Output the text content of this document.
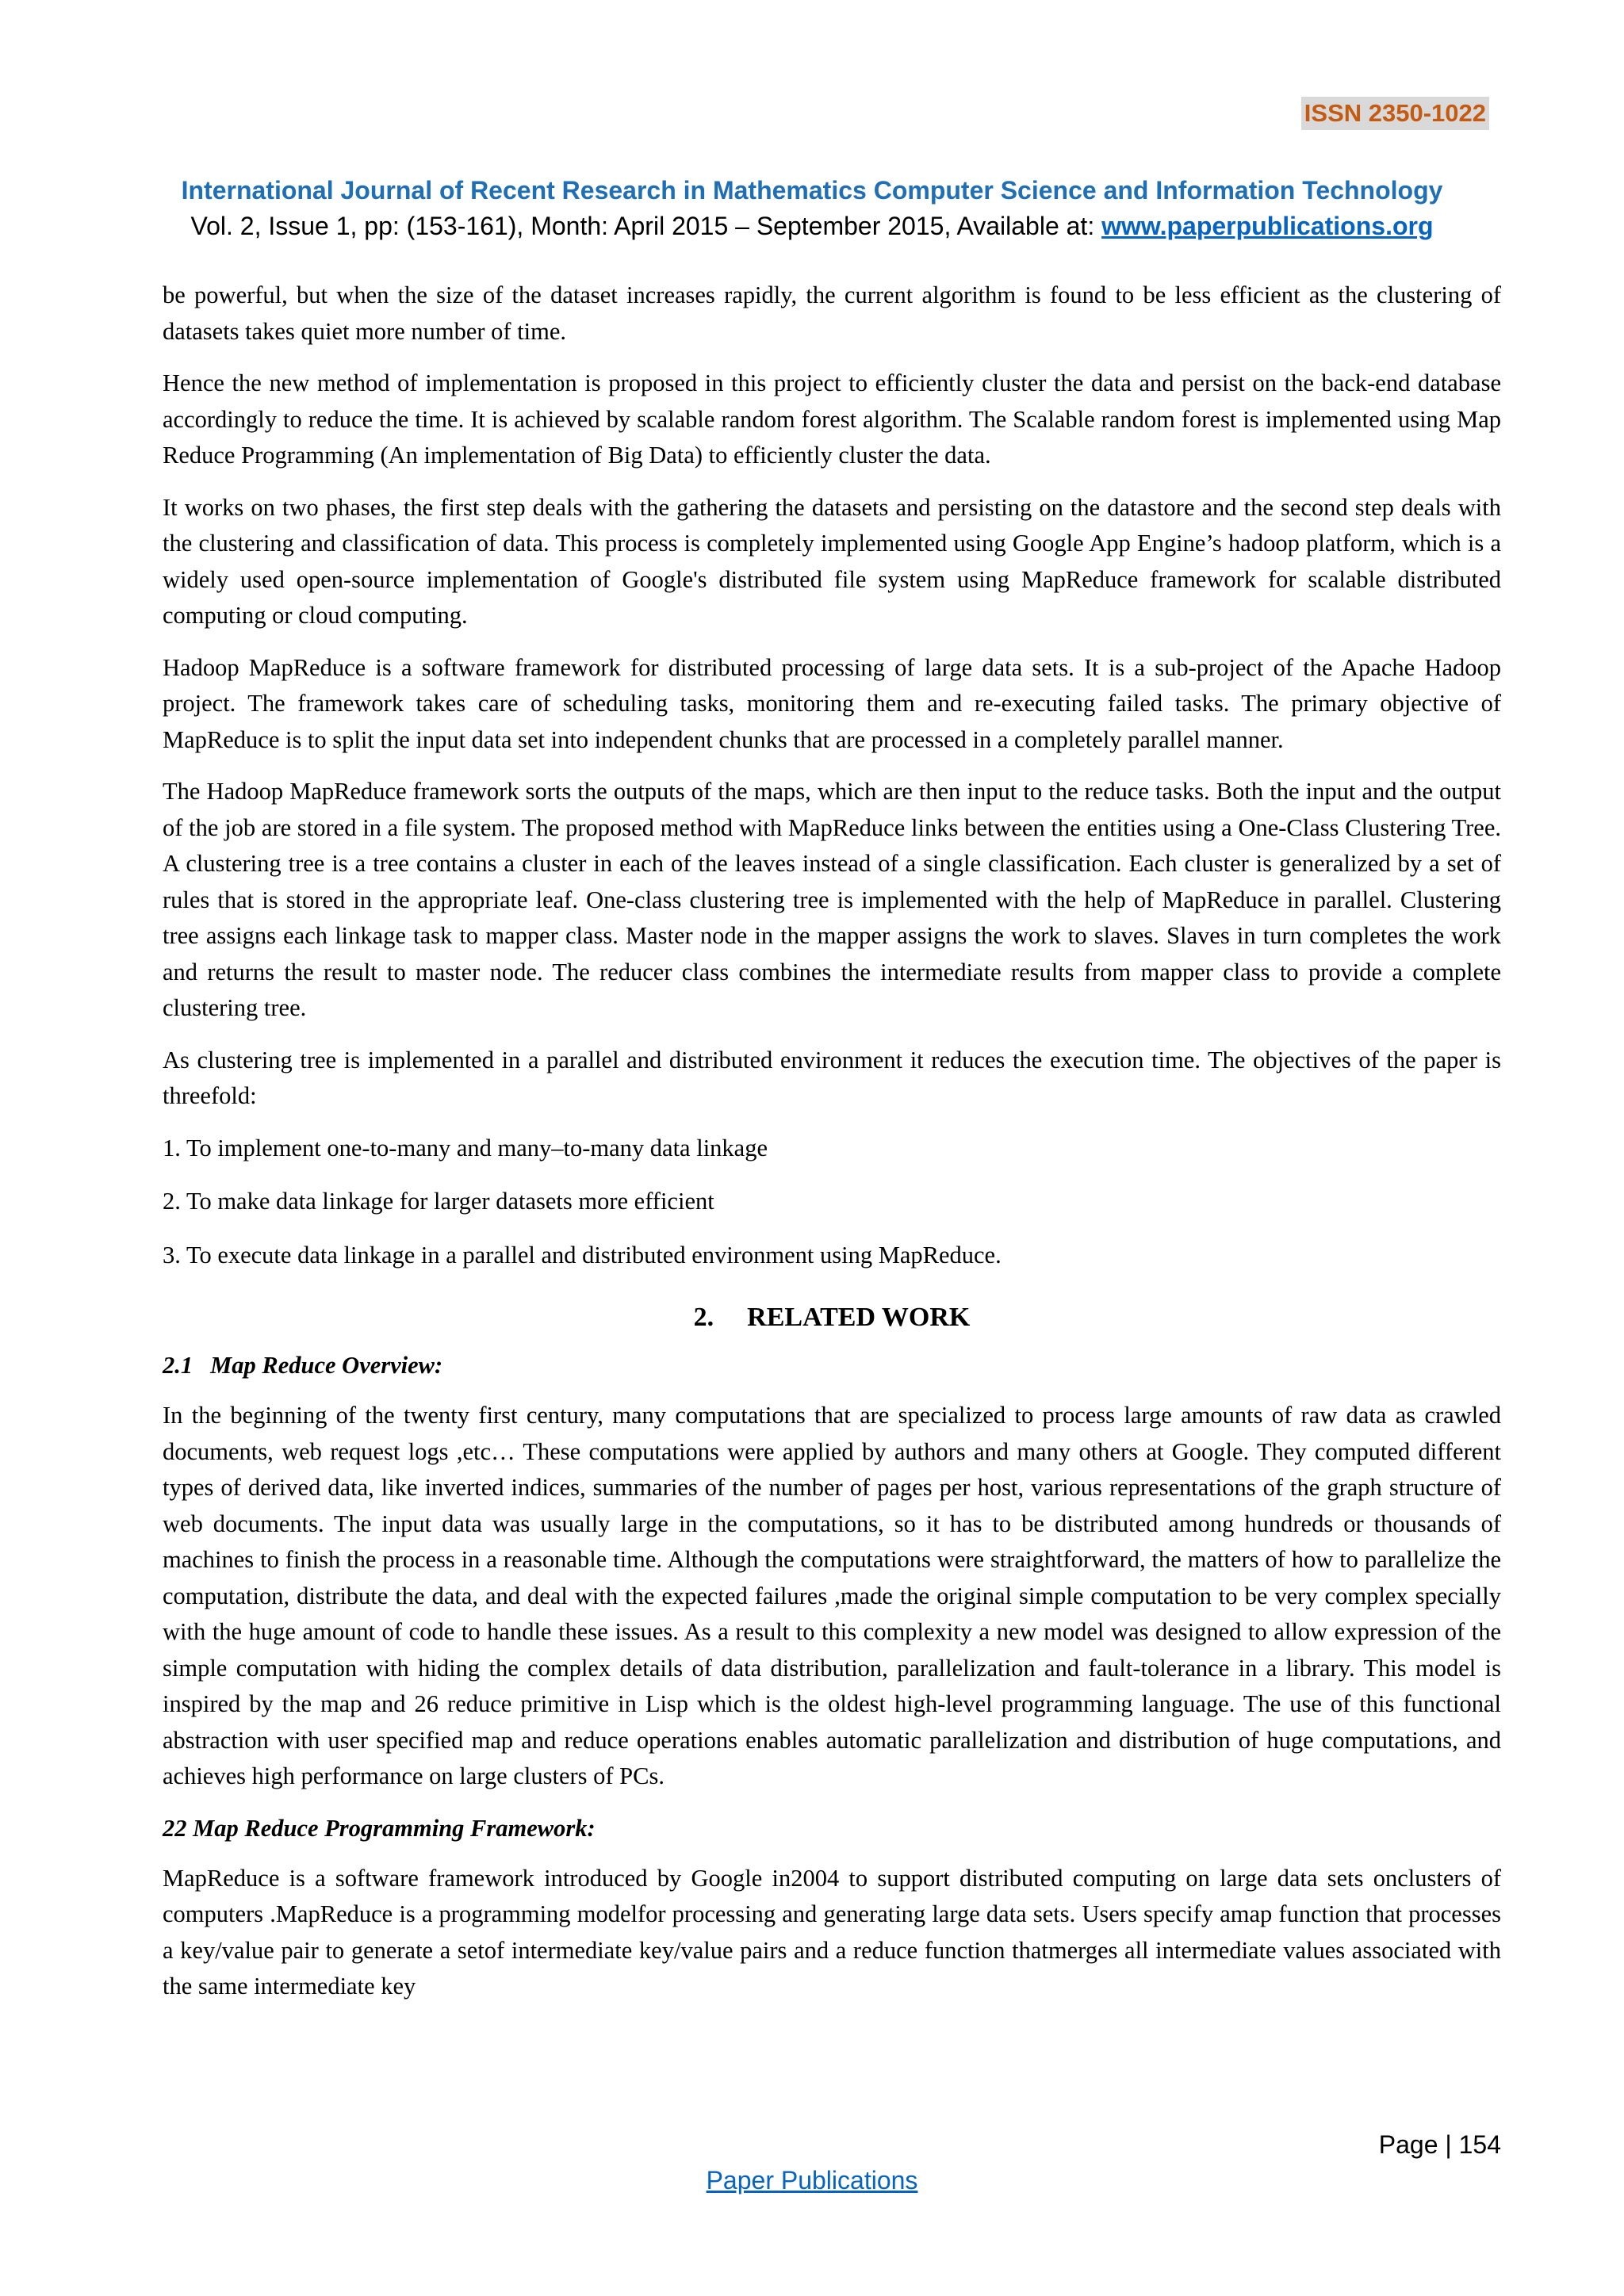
ISSN 2350-1022
International Journal of Recent Research in Mathematics Computer Science and Information Technology
Vol. 2, Issue 1, pp: (153-161), Month: April 2015 – September 2015, Available at: www.paperpublications.org

be powerful, but when the size of the dataset increases rapidly, the current algorithm is found to be less efficient as the clustering of datasets takes quiet more number of time.

Hence the new method of implementation is proposed in this project to efficiently cluster the data and persist on the back-end database accordingly to reduce the time. It is achieved by scalable random forest algorithm. The Scalable random forest is implemented using Map Reduce Programming (An implementation of Big Data) to efficiently cluster the data.

It works on two phases, the first step deals with the gathering the datasets and persisting on the datastore and the second step deals with the clustering and classification of data. This process is completely implemented using Google App Engine’s hadoop platform, which is a widely used open-source implementation of Google's distributed file system using MapReduce framework for scalable distributed computing or cloud computing.

Hadoop MapReduce is a software framework for distributed processing of large data sets. It is a sub-project of the Apache Hadoop project. The framework takes care of scheduling tasks, monitoring them and re-executing failed tasks. The primary objective of MapReduce is to split the input data set into independent chunks that are processed in a completely parallel manner.

The Hadoop MapReduce framework sorts the outputs of the maps, which are then input to the reduce tasks. Both the input and the output of the job are stored in a file system. The proposed method with MapReduce links between the entities using a One-Class Clustering Tree. A clustering tree is a tree contains a cluster in each of the leaves instead of a single classification. Each cluster is generalized by a set of rules that is stored in the appropriate leaf. One-class clustering tree is implemented with the help of MapReduce in parallel. Clustering tree assigns each linkage task to mapper class. Master node in the mapper assigns the work to slaves. Slaves in turn completes the work and returns the result to master node. The reducer class combines the intermediate results from mapper class to provide a complete clustering tree.

As clustering tree is implemented in a parallel and distributed environment it reduces the execution time. The objectives of the paper is threefold:

1. To implement one-to-many and many–to-many data linkage

2. To make data linkage for larger datasets more efficient

3. To execute data linkage in a parallel and distributed environment using MapReduce.

2. RELATED WORK
2.1 Map Reduce Overview:

In the beginning of the twenty first century, many computations that are specialized to process large amounts of raw data as crawled documents, web request logs ,etc… These computations were applied by authors and many others at Google. They computed different types of derived data, like inverted indices, summaries of the number of pages per host, various representations of the graph structure of web documents. The input data was usually large in the computations, so it has to be distributed among hundreds or thousands of machines to finish the process in a reasonable time. Although the computations were straightforward, the matters of how to parallelize the computation, distribute the data, and deal with the expected failures ,made the original simple computation to be very complex specially with the huge amount of code to handle these issues. As a result to this complexity a new model was designed to allow expression of the simple computation with hiding the complex details of data distribution, parallelization and fault-tolerance in a library. This model is inspired by the map and 26 reduce primitive in Lisp which is the oldest high-level programming language. The use of this functional abstraction with user specified map and reduce operations enables automatic parallelization and distribution of huge computations, and achieves high performance on large clusters of PCs.

22 Map Reduce Programming Framework:

MapReduce is a software framework introduced by Google in2004 to support distributed computing on large data sets onclusters of computers .MapReduce is a programming modelfor processing and generating large data sets. Users specify amap function that processes a key/value pair to generate a setof intermediate key/value pairs and a reduce function thatmerges all intermediate values associated with the same intermediate key

Page | 154
Paper Publications
